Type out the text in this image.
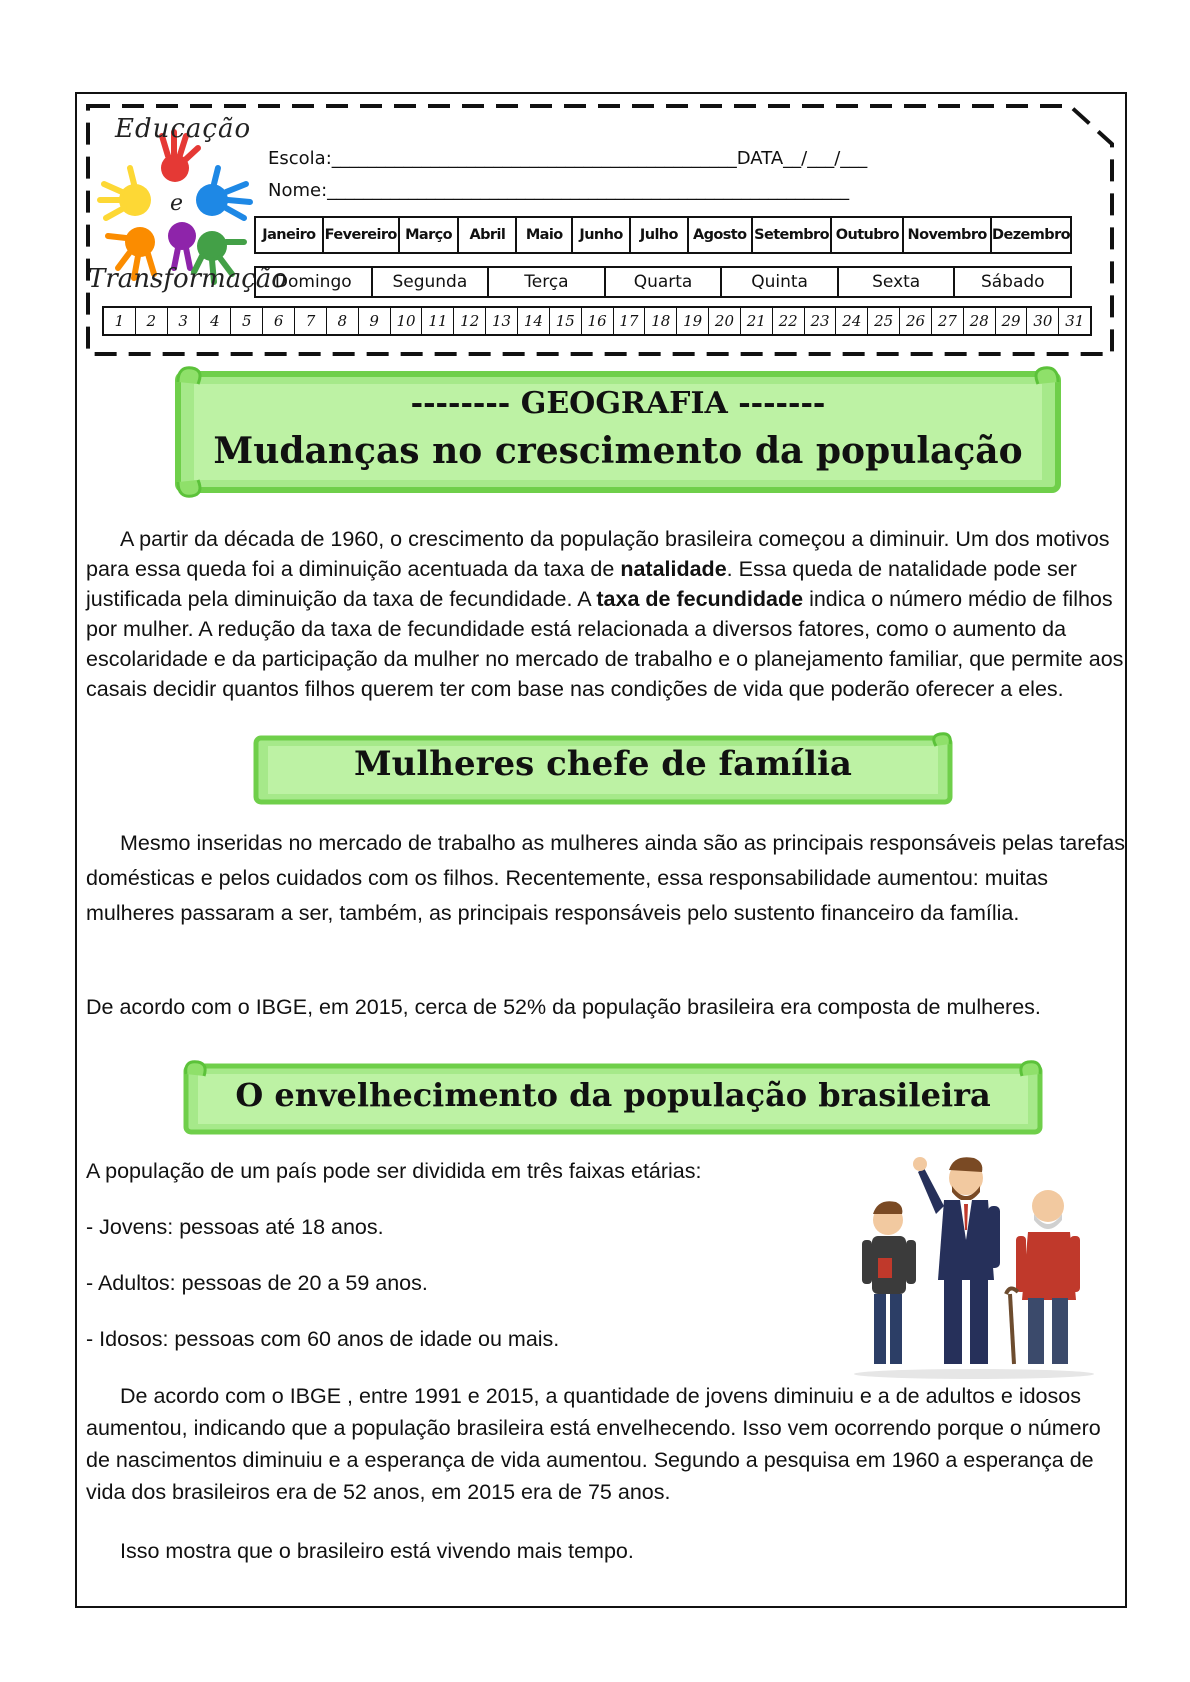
e
Educação
Transformação
Escola:_____________________________________________DATA__/___/___
Nome:__________________________________________________________
Janeiro Fevereiro Março	Abril	Maio	Junho	Julho	Agosto Setembro Outubro Novembro Dezembro
Domingo	Segunda	Terça	Quarta	Quinta	Sexta	Sábado
1	2	3	4	5	6	7	8	9	10 11 12 13 14 15 16 17 18 19 20 21 22 23 24 25 26 27 28 29 30 31
-------- GEOGRAFIA -------
Mudanças no crescimento da população

A partir da década de 1960, o crescimento da população brasileira começou a diminuir. Um dos motivos para essa queda foi a diminuição acentuada da taxa de natalidade. Essa queda de natalidade pode ser justificada pela diminuição da taxa de fecundidade. A taxa de fecundidade indica o número médio de filhos por mulher. A redução da taxa de fecundidade está relacionada a diversos fatores, como o aumento da escolaridade e da participação da mulher no mercado de trabalho e o planejamento familiar, que permite aos casais decidir quantos filhos querem ter com base nas condições de vida que poderão oferecer a eles.

Mulheres chefe de família

Mesmo inseridas no mercado de trabalho as mulheres ainda são as principais responsáveis pelas tarefas domésticas e pelos cuidados com os filhos. Recentemente, essa responsabilidade aumentou: muitas mulheres passaram a ser, também, as principais responsáveis pelo sustento financeiro da família.

De acordo com o IBGE, em 2015, cerca de 52% da população brasileira era composta de mulheres.

O envelhecimento da população brasileira

A população de um país pode ser dividida em três faixas etárias:

- Jovens: pessoas até 18 anos.

- Adultos: pessoas de 20 a 59 anos.

- Idosos: pessoas com 60 anos de idade ou mais.

De acordo com o IBGE , entre 1991 e 2015, a quantidade de jovens diminuiu e a de adultos e idosos aumentou, indicando que a população brasileira está envelhecendo. Isso vem ocorrendo porque o número de nascimentos diminuiu e a esperança de vida aumentou. Segundo a pesquisa em 1960 a esperança de vida dos brasileiros era de 52 anos, em 2015 era de 75 anos.

Isso mostra que o brasileiro está vivendo mais tempo.
